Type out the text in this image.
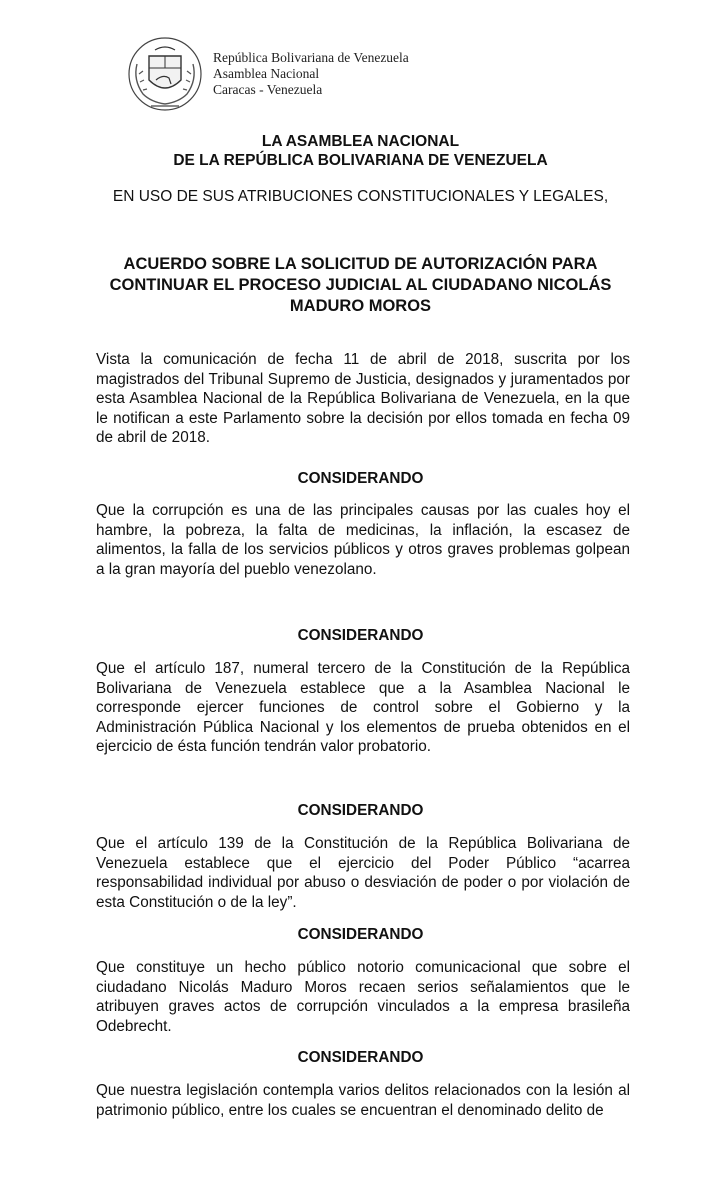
República Bolivariana de Venezuela
Asamblea Nacional
Caracas - Venezuela
LA ASAMBLEA NACIONAL
DE LA REPÚBLICA BOLIVARIANA DE VENEZUELA
EN USO DE SUS ATRIBUCIONES CONSTITUCIONALES Y LEGALES,
ACUERDO SOBRE LA SOLICITUD DE AUTORIZACIÓN PARA
CONTINUAR EL PROCESO JUDICIAL AL CIUDADANO NICOLÁS
MADURO MOROS

Vista la comunicación de fecha 11 de abril de 2018, suscrita por los magistrados del Tribunal Supremo de Justicia, designados y juramentados por esta Asamblea Nacional de la República Bolivariana de Venezuela, en la que le notifican a este Parlamento sobre la decisión por ellos tomada en fecha 09 de abril de 2018.

CONSIDERANDO

Que la corrupción es una de las principales causas por las cuales hoy el hambre, la pobreza, la falta de medicinas, la inflación, la escasez de alimentos, la falla de los servicios públicos y otros graves problemas golpean a la gran mayoría del pueblo venezolano.

CONSIDERANDO

Que el artículo 187, numeral tercero de la Constitución de la República Bolivariana de Venezuela establece que a la Asamblea Nacional le corresponde ejercer funciones de control sobre el Gobierno y la Administración Pública Nacional y los elementos de prueba obtenidos en el ejercicio de ésta función tendrán valor probatorio.

CONSIDERANDO

Que el artículo 139 de la Constitución de la República Bolivariana de Venezuela establece que el ejercicio del Poder Público “acarrea responsabilidad individual por abuso o desviación de poder o por violación de esta Constitución o de la ley”.

CONSIDERANDO

Que constituye un hecho público notorio comunicacional que sobre el ciudadano Nicolás Maduro Moros recaen serios señalamientos que le atribuyen graves actos de corrupción vinculados a la empresa brasileña Odebrecht.

CONSIDERANDO

Que nuestra legislación contempla varios delitos relacionados con la lesión al patrimonio público, entre los cuales se encuentran el denominado delito de
